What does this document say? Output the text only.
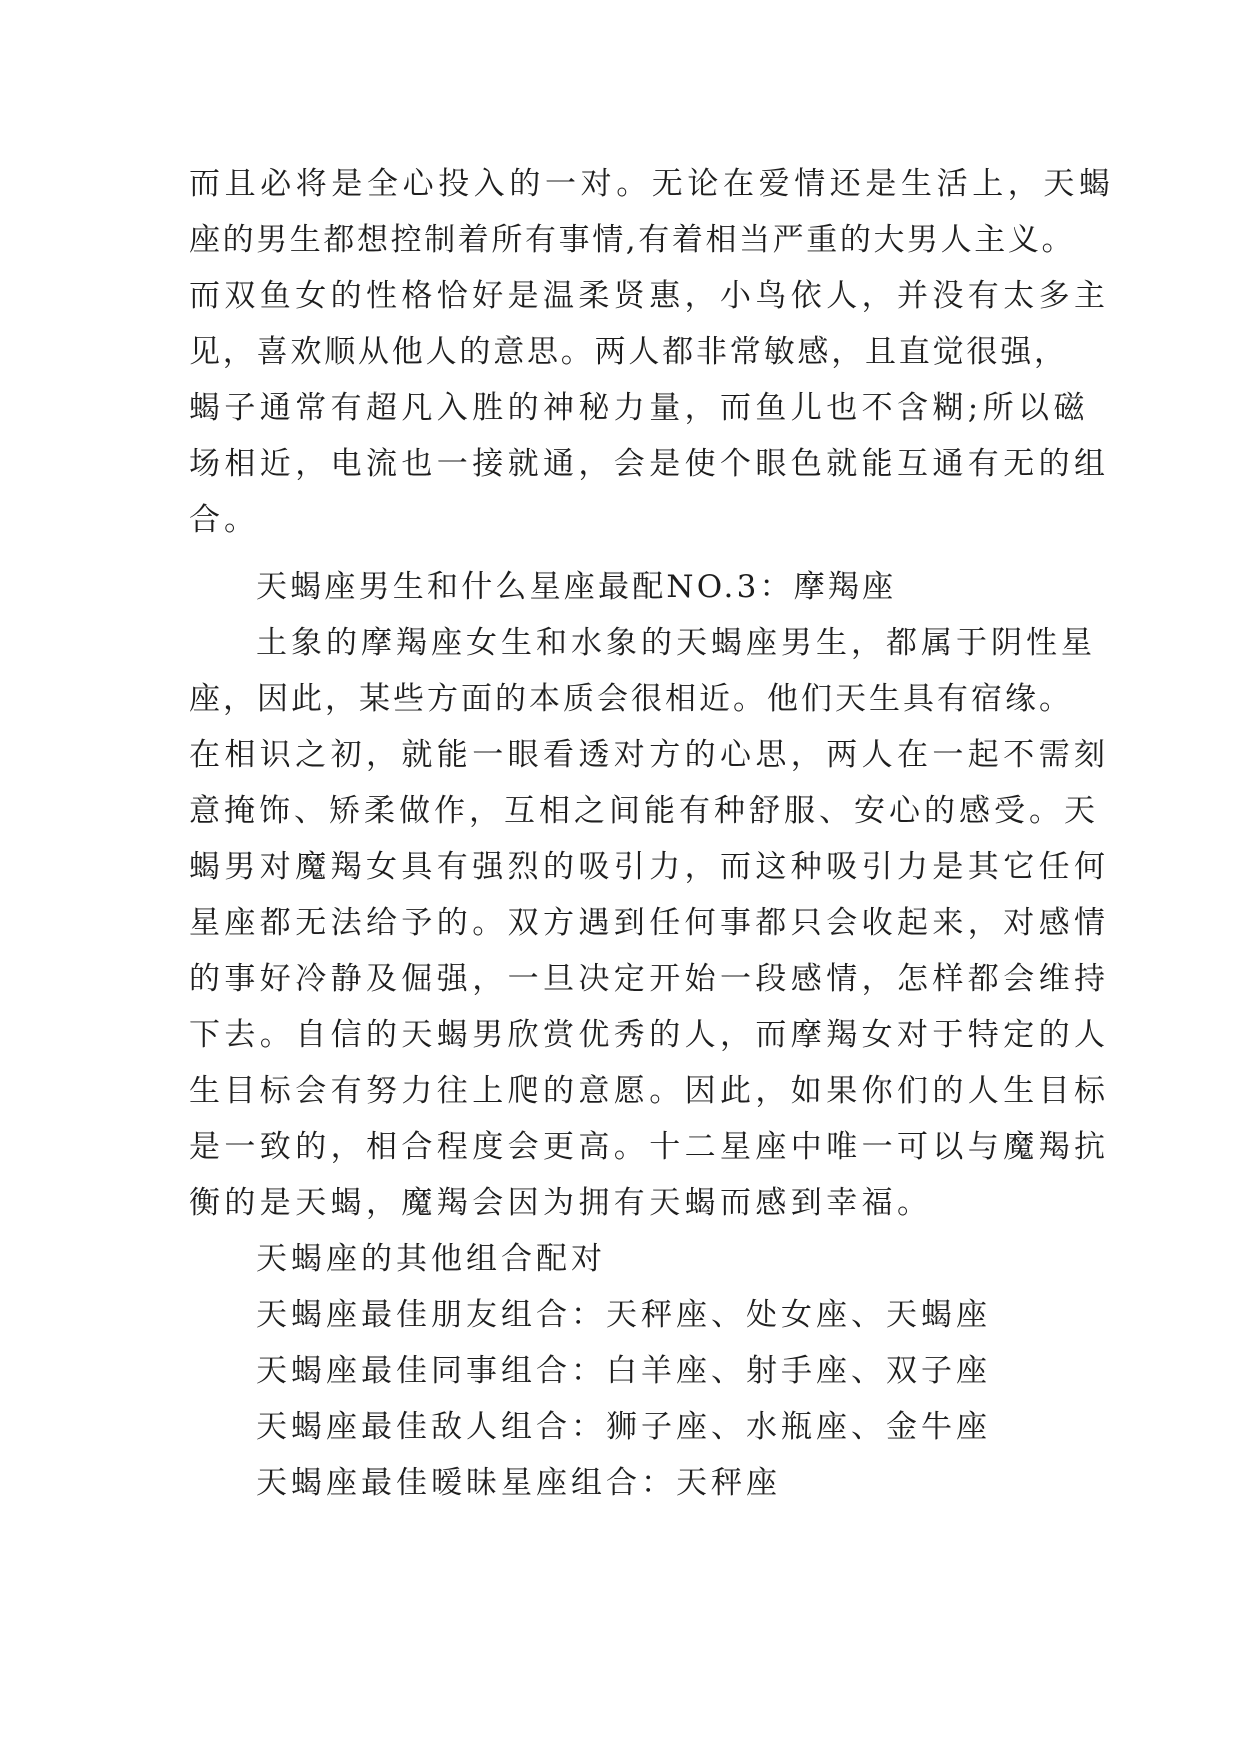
而且必将是全心投入的一对。无论在爱情还是生活上，天蝎
座的男生都想控制着所有事情,有着相当严重的大男人主义。
而双鱼女的性格恰好是温柔贤惠，小鸟依人，并没有太多主
见，喜欢顺从他人的意思。两人都非常敏感，且直觉很强，
蝎子通常有超凡入胜的神秘力量，而鱼儿也不含糊;所以磁
场相近，电流也一接就通，会是使个眼色就能互通有无的组
合。
天蝎座男生和什么星座最配NO.3：摩羯座
土象的摩羯座女生和水象的天蝎座男生，都属于阴性星
座，因此，某些方面的本质会很相近。他们天生具有宿缘。
在相识之初，就能一眼看透对方的心思，两人在一起不需刻
意掩饰、矫柔做作，互相之间能有种舒服、安心的感受。天
蝎男对魔羯女具有强烈的吸引力，而这种吸引力是其它任何
星座都无法给予的。双方遇到任何事都只会收起来，对感情
的事好冷静及倔强，一旦决定开始一段感情，怎样都会维持
下去。自信的天蝎男欣赏优秀的人，而摩羯女对于特定的人
生目标会有努力往上爬的意愿。因此，如果你们的人生目标
是一致的，相合程度会更高。十二星座中唯一可以与魔羯抗
衡的是天蝎，魔羯会因为拥有天蝎而感到幸福。
天蝎座的其他组合配对
天蝎座最佳朋友组合：天秤座、处女座、天蝎座
天蝎座最佳同事组合：白羊座、射手座、双子座
天蝎座最佳敌人组合：狮子座、水瓶座、金牛座
天蝎座最佳暧昧星座组合：天秤座
